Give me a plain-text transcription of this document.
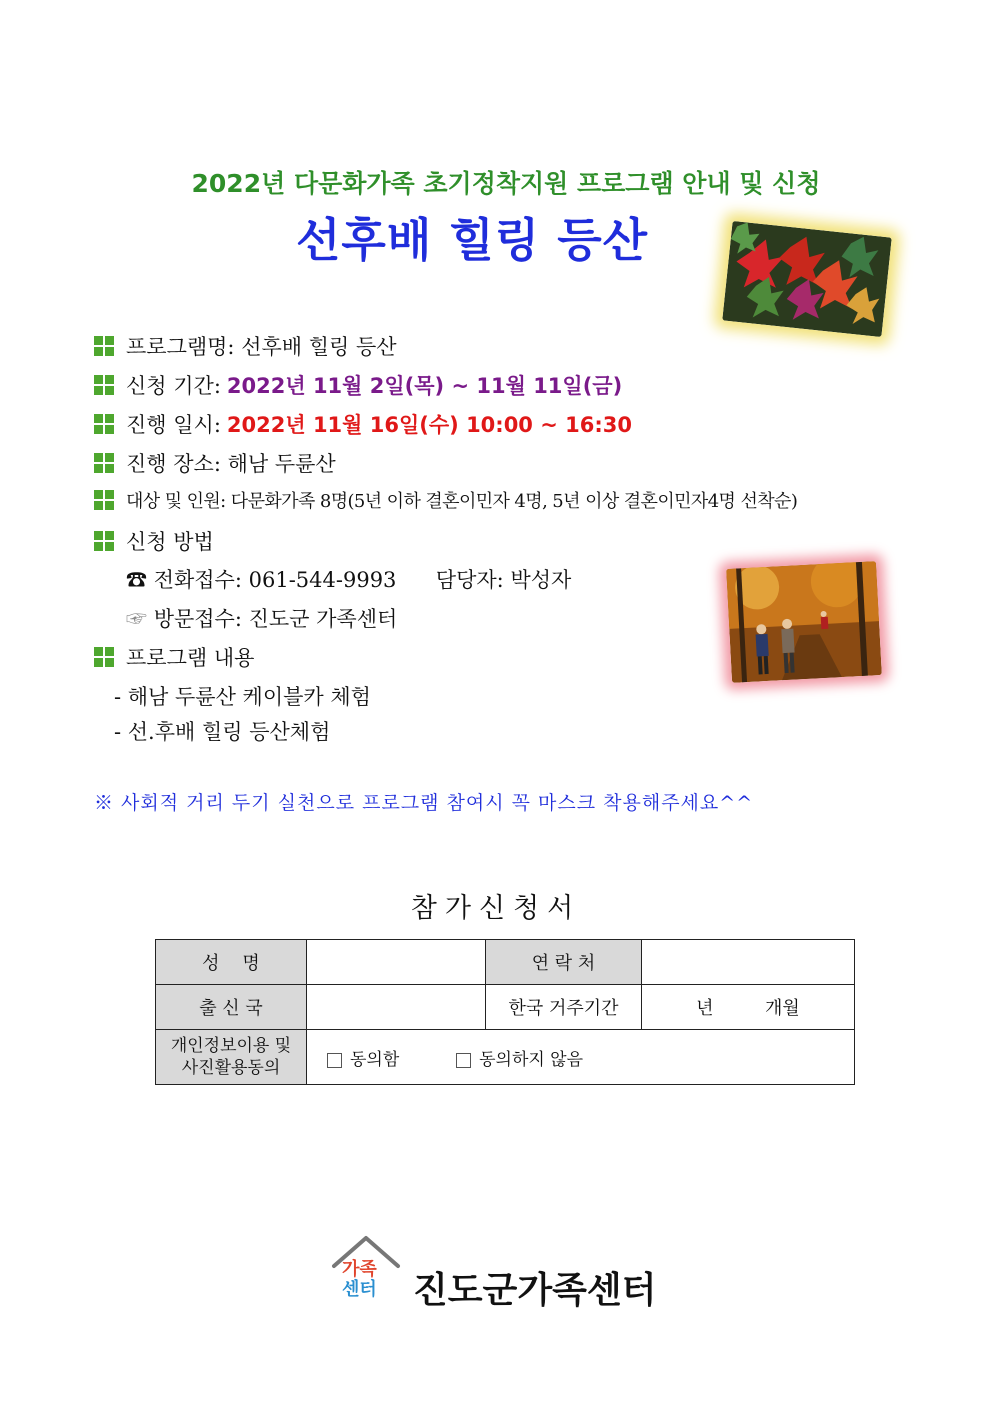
2022년 다문화가족 초기정착지원 프로그램 안내 및 신청
선후배 힐링 등산
프로그램명:
선후배 힐링 등산
신청 기간: 2022년 11월 2일(목) ~ 11월 11일(금)
진행 일시: 2022년 11월 16일(수) 10:00 ~ 16:30
진행 장소:
해남 두륜산
대상 및 인원:
다문화가족 8명(5년 이하 결혼이민자 4명, 5년 이상 결혼이민자4명 선착순)
신청 방법
☎ 전화접수: 061-544-9993 담당자: 박성자
☞ 방문접수: 진도군 가족센터
프로그램 내용
- 해남 두륜산 케이블카 체험
- 선.후배 힐링 등산체험
※ 사회적 거리 두기 실천으로 프로그램 참여시 꼭 마스크 착용해주세요^^
참가신청서
성    명		연 락 처	
출 신 국		한국 거주기간	년 개월

개인정보이용 및
사진활용동의	동의함 동의하지 않음		
가족
센터 진도군가족센터
